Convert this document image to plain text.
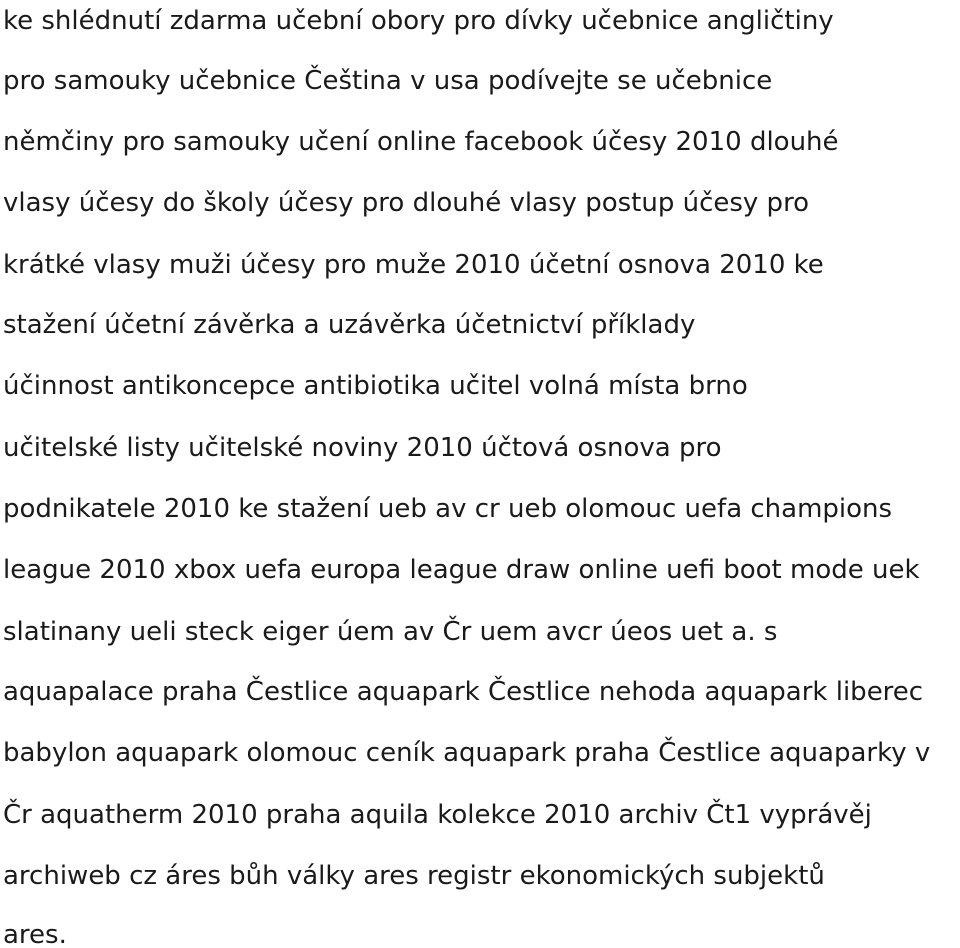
ke shlédnutí zdarma učební obory pro dívky učebnice angličtiny
pro samouky učebnice Čeština v usa podívejte se učebnice
němčiny pro samouky učení online facebook účesy 2010 dlouhé
vlasy účesy do školy účesy pro dlouhé vlasy postup účesy pro
krátké vlasy muži účesy pro muže 2010 účetní osnova 2010 ke
stažení účetní závěrka a uzávěrka účetnictví příklady
účinnost antikoncepce antibiotika učitel volná místa brno
učitelské listy učitelské noviny 2010 účtová osnova pro
podnikatele 2010 ke stažení ueb av cr ueb olomouc uefa champions
league 2010 xbox uefa europa league draw online uefi boot mode uek
slatinany ueli steck eiger úem av Čr uem avcr úeos uet a. s
aquapalace praha Čestlice aquapark Čestlice nehoda aquapark liberec
babylon aquapark olomouc ceník aquapark praha Čestlice aquaparky v
Čr aquatherm 2010 praha aquila kolekce 2010 archiv Čt1 vyprávěj
archiweb cz áres bůh války ares registr ekonomických subjektů
ares.
